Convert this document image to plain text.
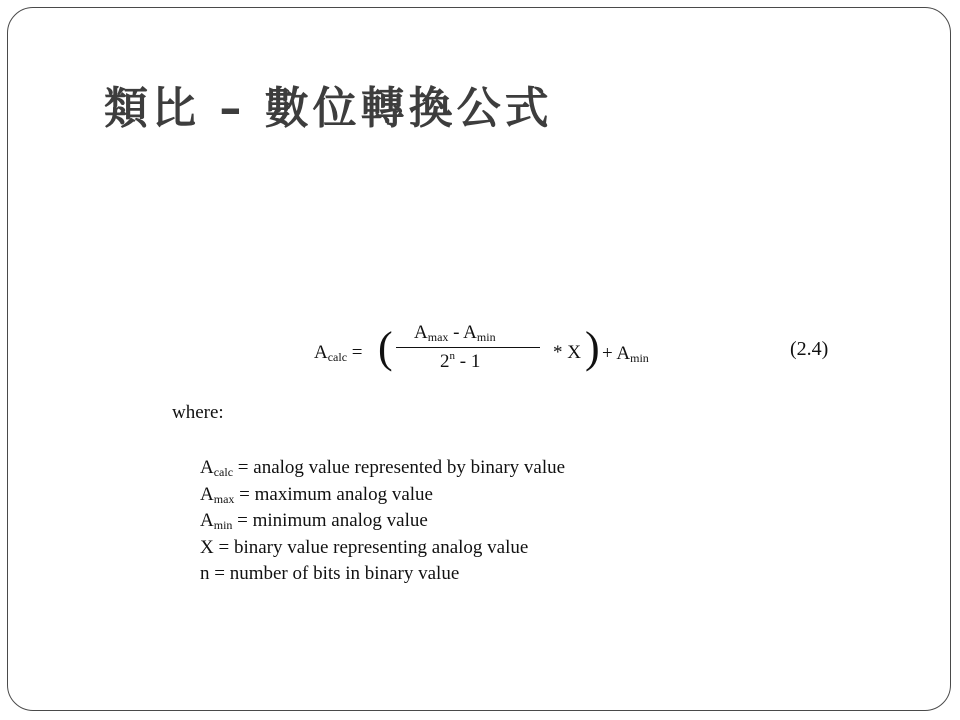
類比 – 數位轉換公式
Acalc = ( Amax - Amin
2$^n$ - 1	* X ) + Amin	(2.4)
where:
Acalc = analog value represented by binary value
Amax = maximum analog value
Amin = minimum analog value
X = binary value representing analog value
n = number of bits in binary value
